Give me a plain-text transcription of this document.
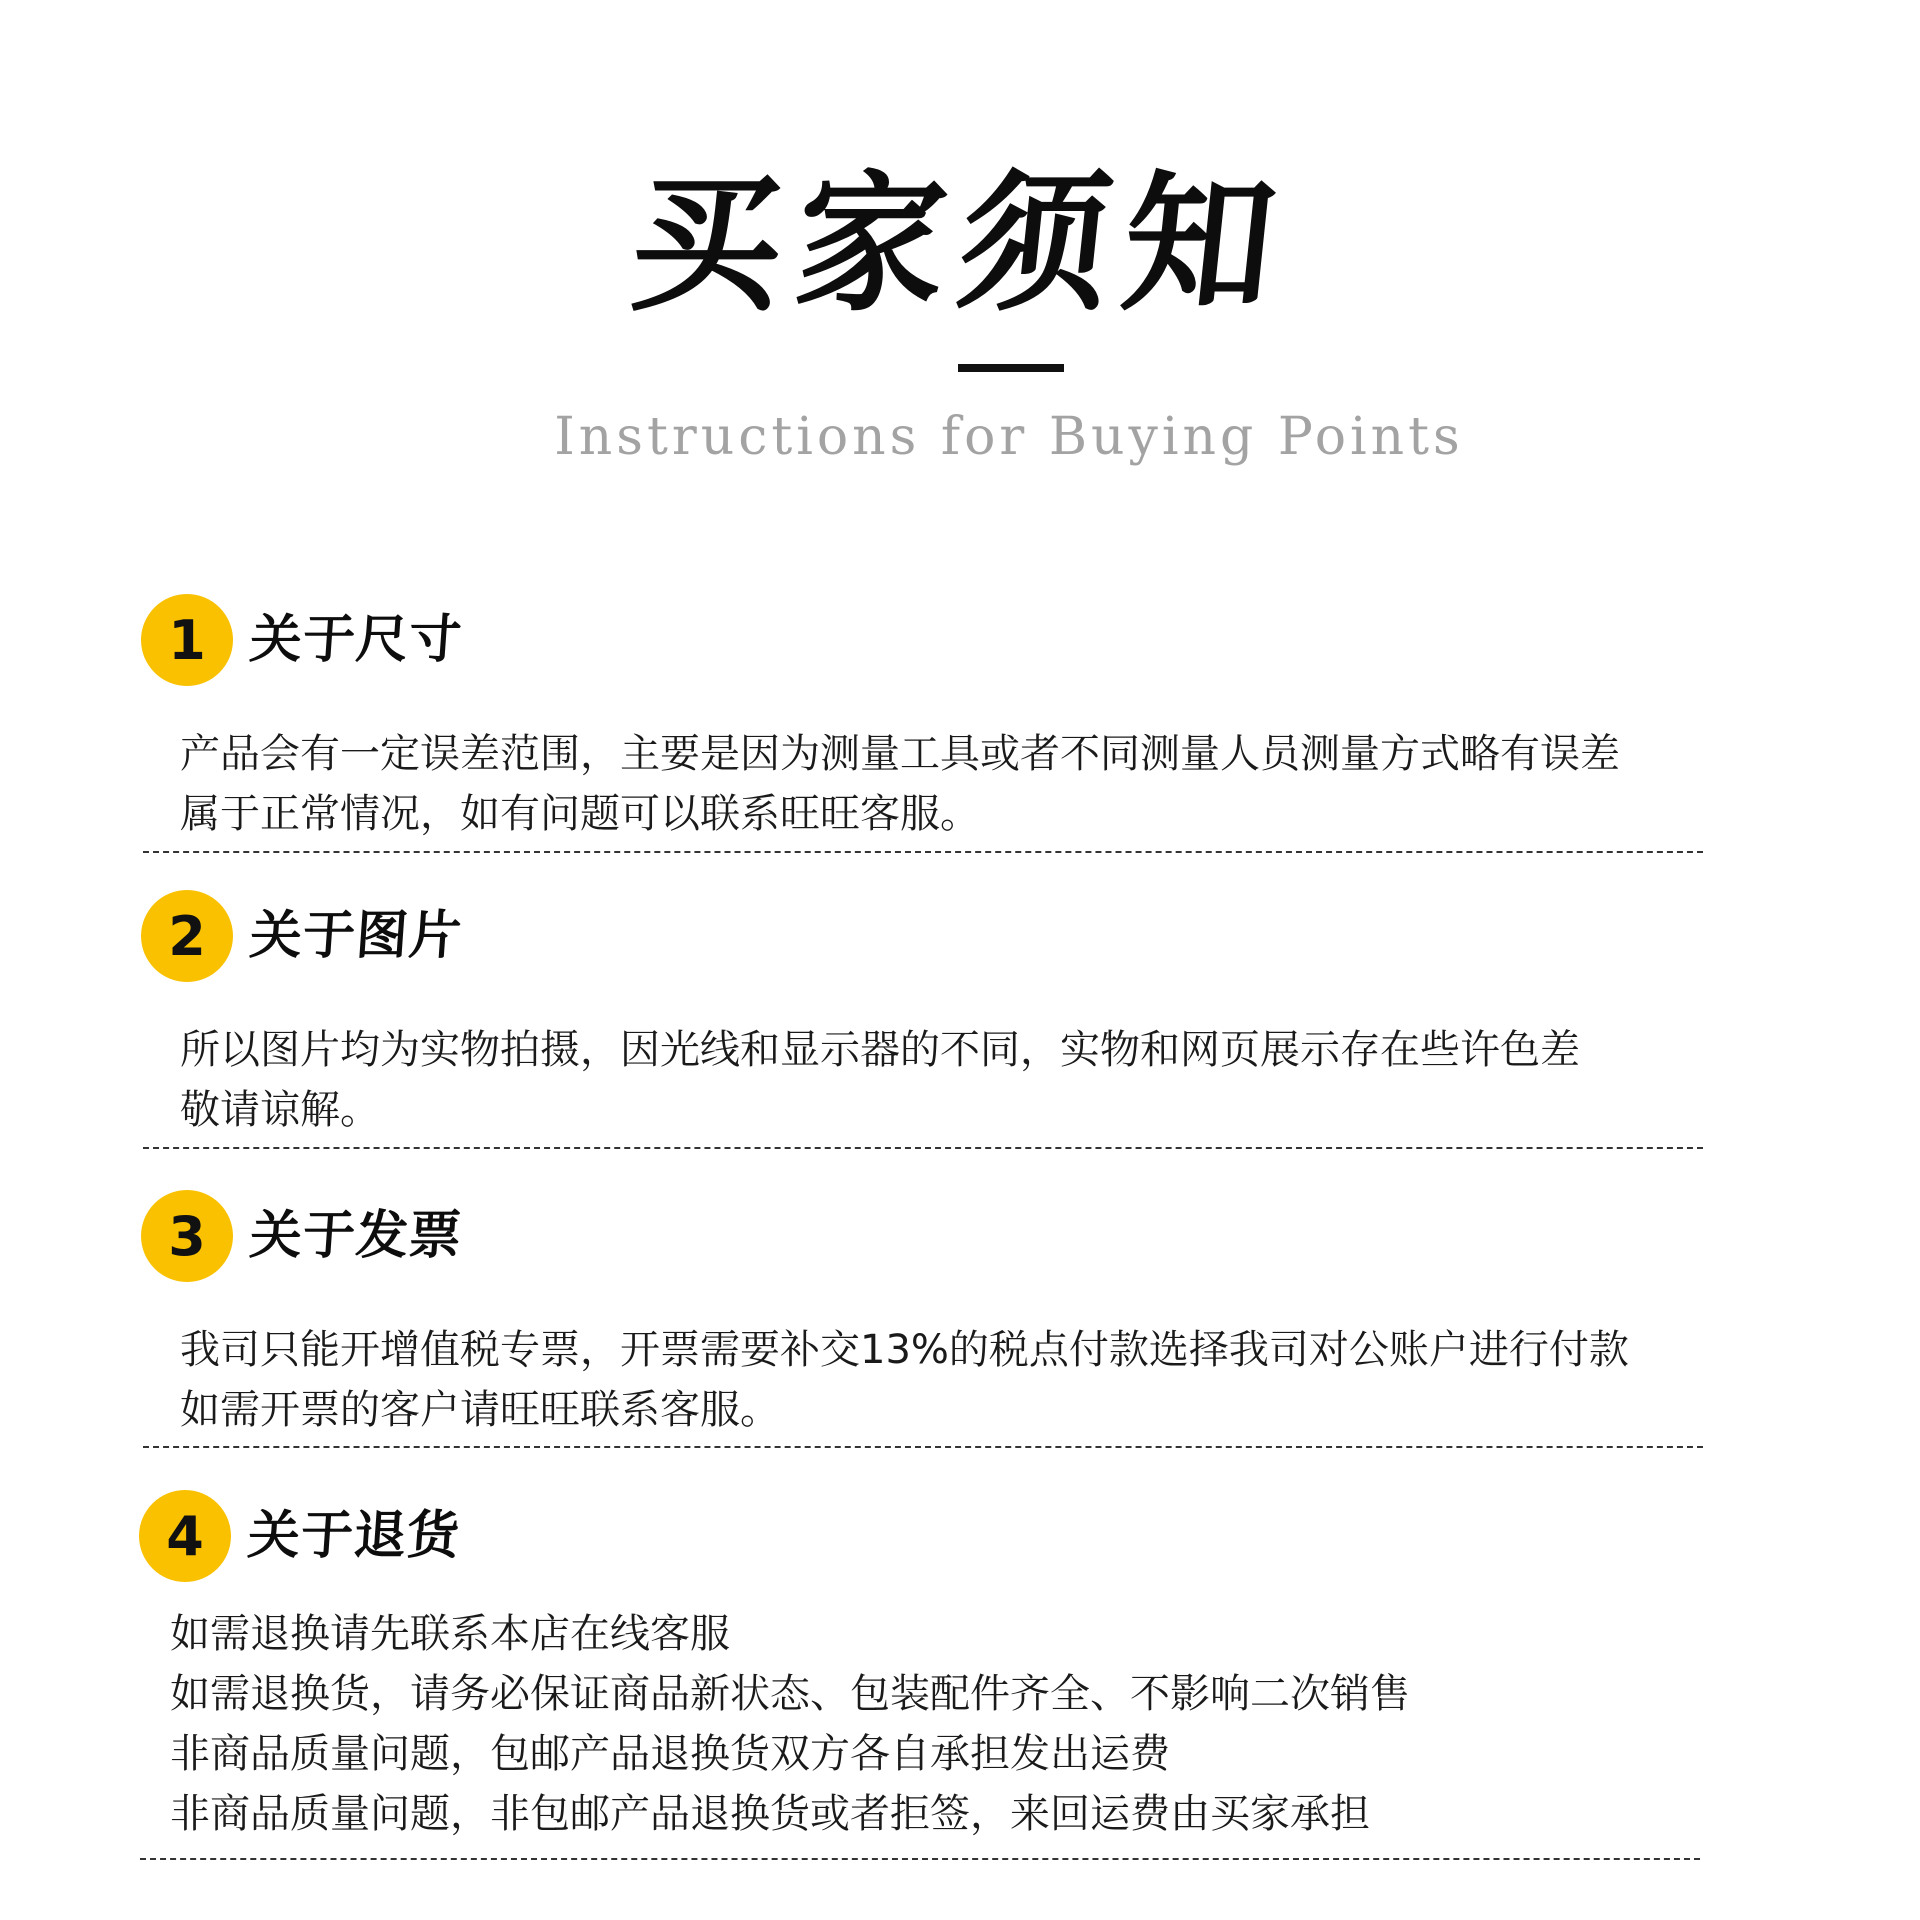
买家须知
Instructions for Buying Points
1 关于尺寸
产品会有一定误差范围，主要是因为测量工具或者不同测量人员测量方式略有误差
属于正常情况，如有问题可以联系旺旺客服。
2 关于图片
所以图片均为实物拍摄，因光线和显示器的不同，实物和网页展示存在些许色差
敬请谅解。
3 关于发票
我司只能开增值税专票，开票需要补交13%的税点付款选择我司对公账户进行付款
如需开票的客户请旺旺联系客服。
4 关于退货
如需退换请先联系本店在线客服
如需退换货，请务必保证商品新状态、包装配件齐全、不影响二次销售
非商品质量问题，包邮产品退换货双方各自承担发出运费
非商品质量问题，非包邮产品退换货或者拒签，来回运费由买家承担
